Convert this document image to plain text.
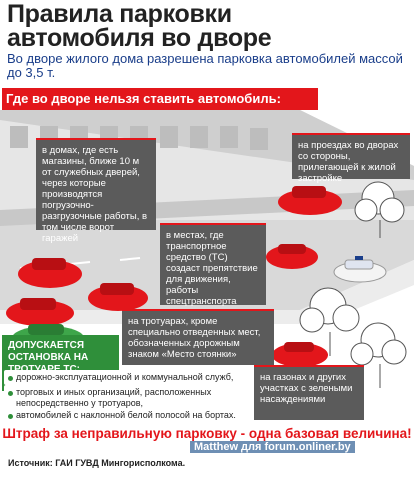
Правила парковки автомобиля во дворе
Во дворе жилого дома разрешена парковка автомобилей массой до 3,5 т.
Где во дворе нельзя ставить автомобиль:
в домах, где есть магазины, ближе 10 м от служебных дверей, через которые производятся погрузочно-разгрузочные работы, в том числе ворот гаражей
на проездах во дворах со стороны, прилегающей к жилой застройке
в местах, где транспортное средство (ТС) создаст препятствие для движения, работы спецтранспорта
на тротуарах, кроме специально отведенных мест, обозначенных дорожным знаком «Место стоянки»
на газонах и других участках с зелеными насаждениями
ДОПУСКАЕТСЯ ОСТАНОВКА НА
дорожно-эксплуатационной и коммунальной служб,
торговых и иных организаций, расположенных непосредственно у тротуаров,
автомобилей с наклонной белой полосой на бортах.
Штраф за неправильную парковку - одна базовая величина!
Matthew для forum.onliner.by
Источник: ГАИ ГУВД Мингорисполкома.
